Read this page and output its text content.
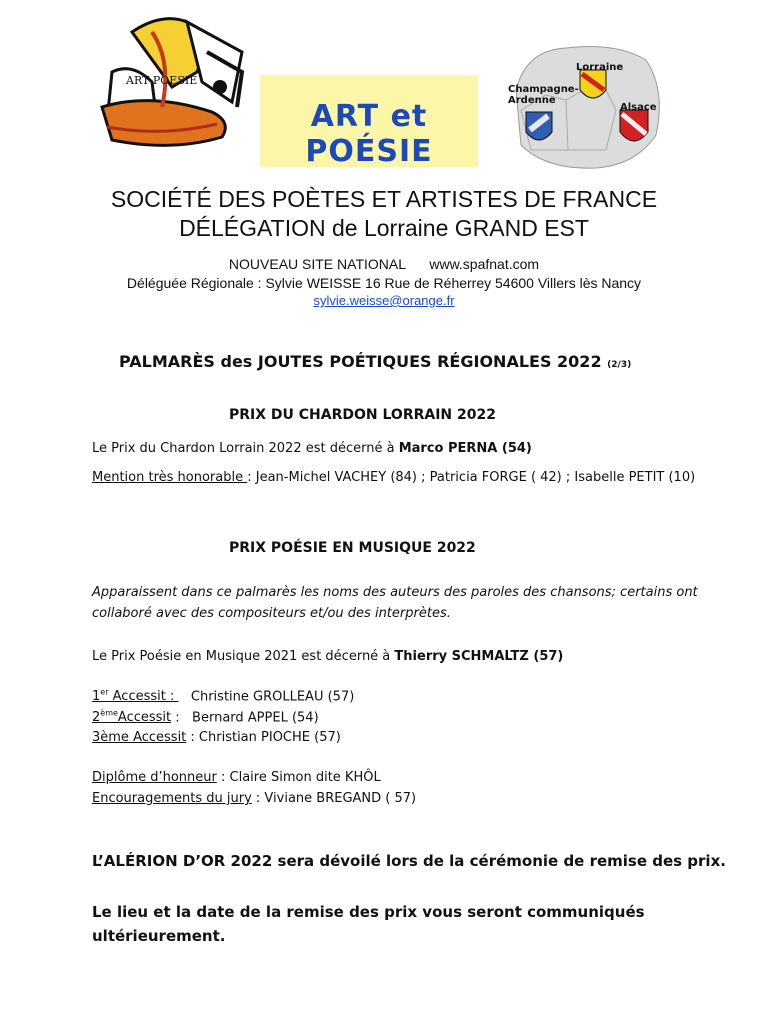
ART POESIE
ART et POÉSIE
Lorraine
Champagne-Ardenne
Alsace
SOCIÉTÉ DES POÈTES ET ARTISTES DE FRANCE
DÉLÉGATION de Lorraine GRAND EST
NOUVEAU SITE NATIONAL www.spafnat.com
Déléguée Régionale : Sylvie WEISSE 16 Rue de Réherrey 54600 Villers lès Nancy
sylvie.weisse@orange.fr
PALMARÈS des JOUTES POÉTIQUES RÉGIONALES 2022 (2/3)
PRIX DU CHARDON LORRAIN 2022
Le Prix du Chardon Lorrain 2022 est décerné à Marco PERNA (54)
Mention très honorable : Jean-Michel VACHEY (84) ; Patricia FORGE ( 42) ; Isabelle PETIT (10)
PRIX POÉSIE EN MUSIQUE 2022
Apparaissent dans ce palmarès les noms des auteurs des paroles des chansons; certains ont
collaboré avec des compositeurs et/ou des interprètes.
Le Prix Poésie en Musique 2021 est décerné à Thierry SCHMALTZ (57)
1er Accessit :    Christine GROLLEAU (57)
2èmeAccessit :   Bernard APPEL (54)
3ème Accessit : Christian PIOCHE (57)
Diplôme d’honneur : Claire Simon dite KHÔL
Encouragements du jury : Viviane BREGAND ( 57)
L’ALÉRION D’OR 2022 sera dévoilé lors de la cérémonie de remise des prix.
Le lieu et la date de la remise des prix vous seront communiqués
ultérieurement.
